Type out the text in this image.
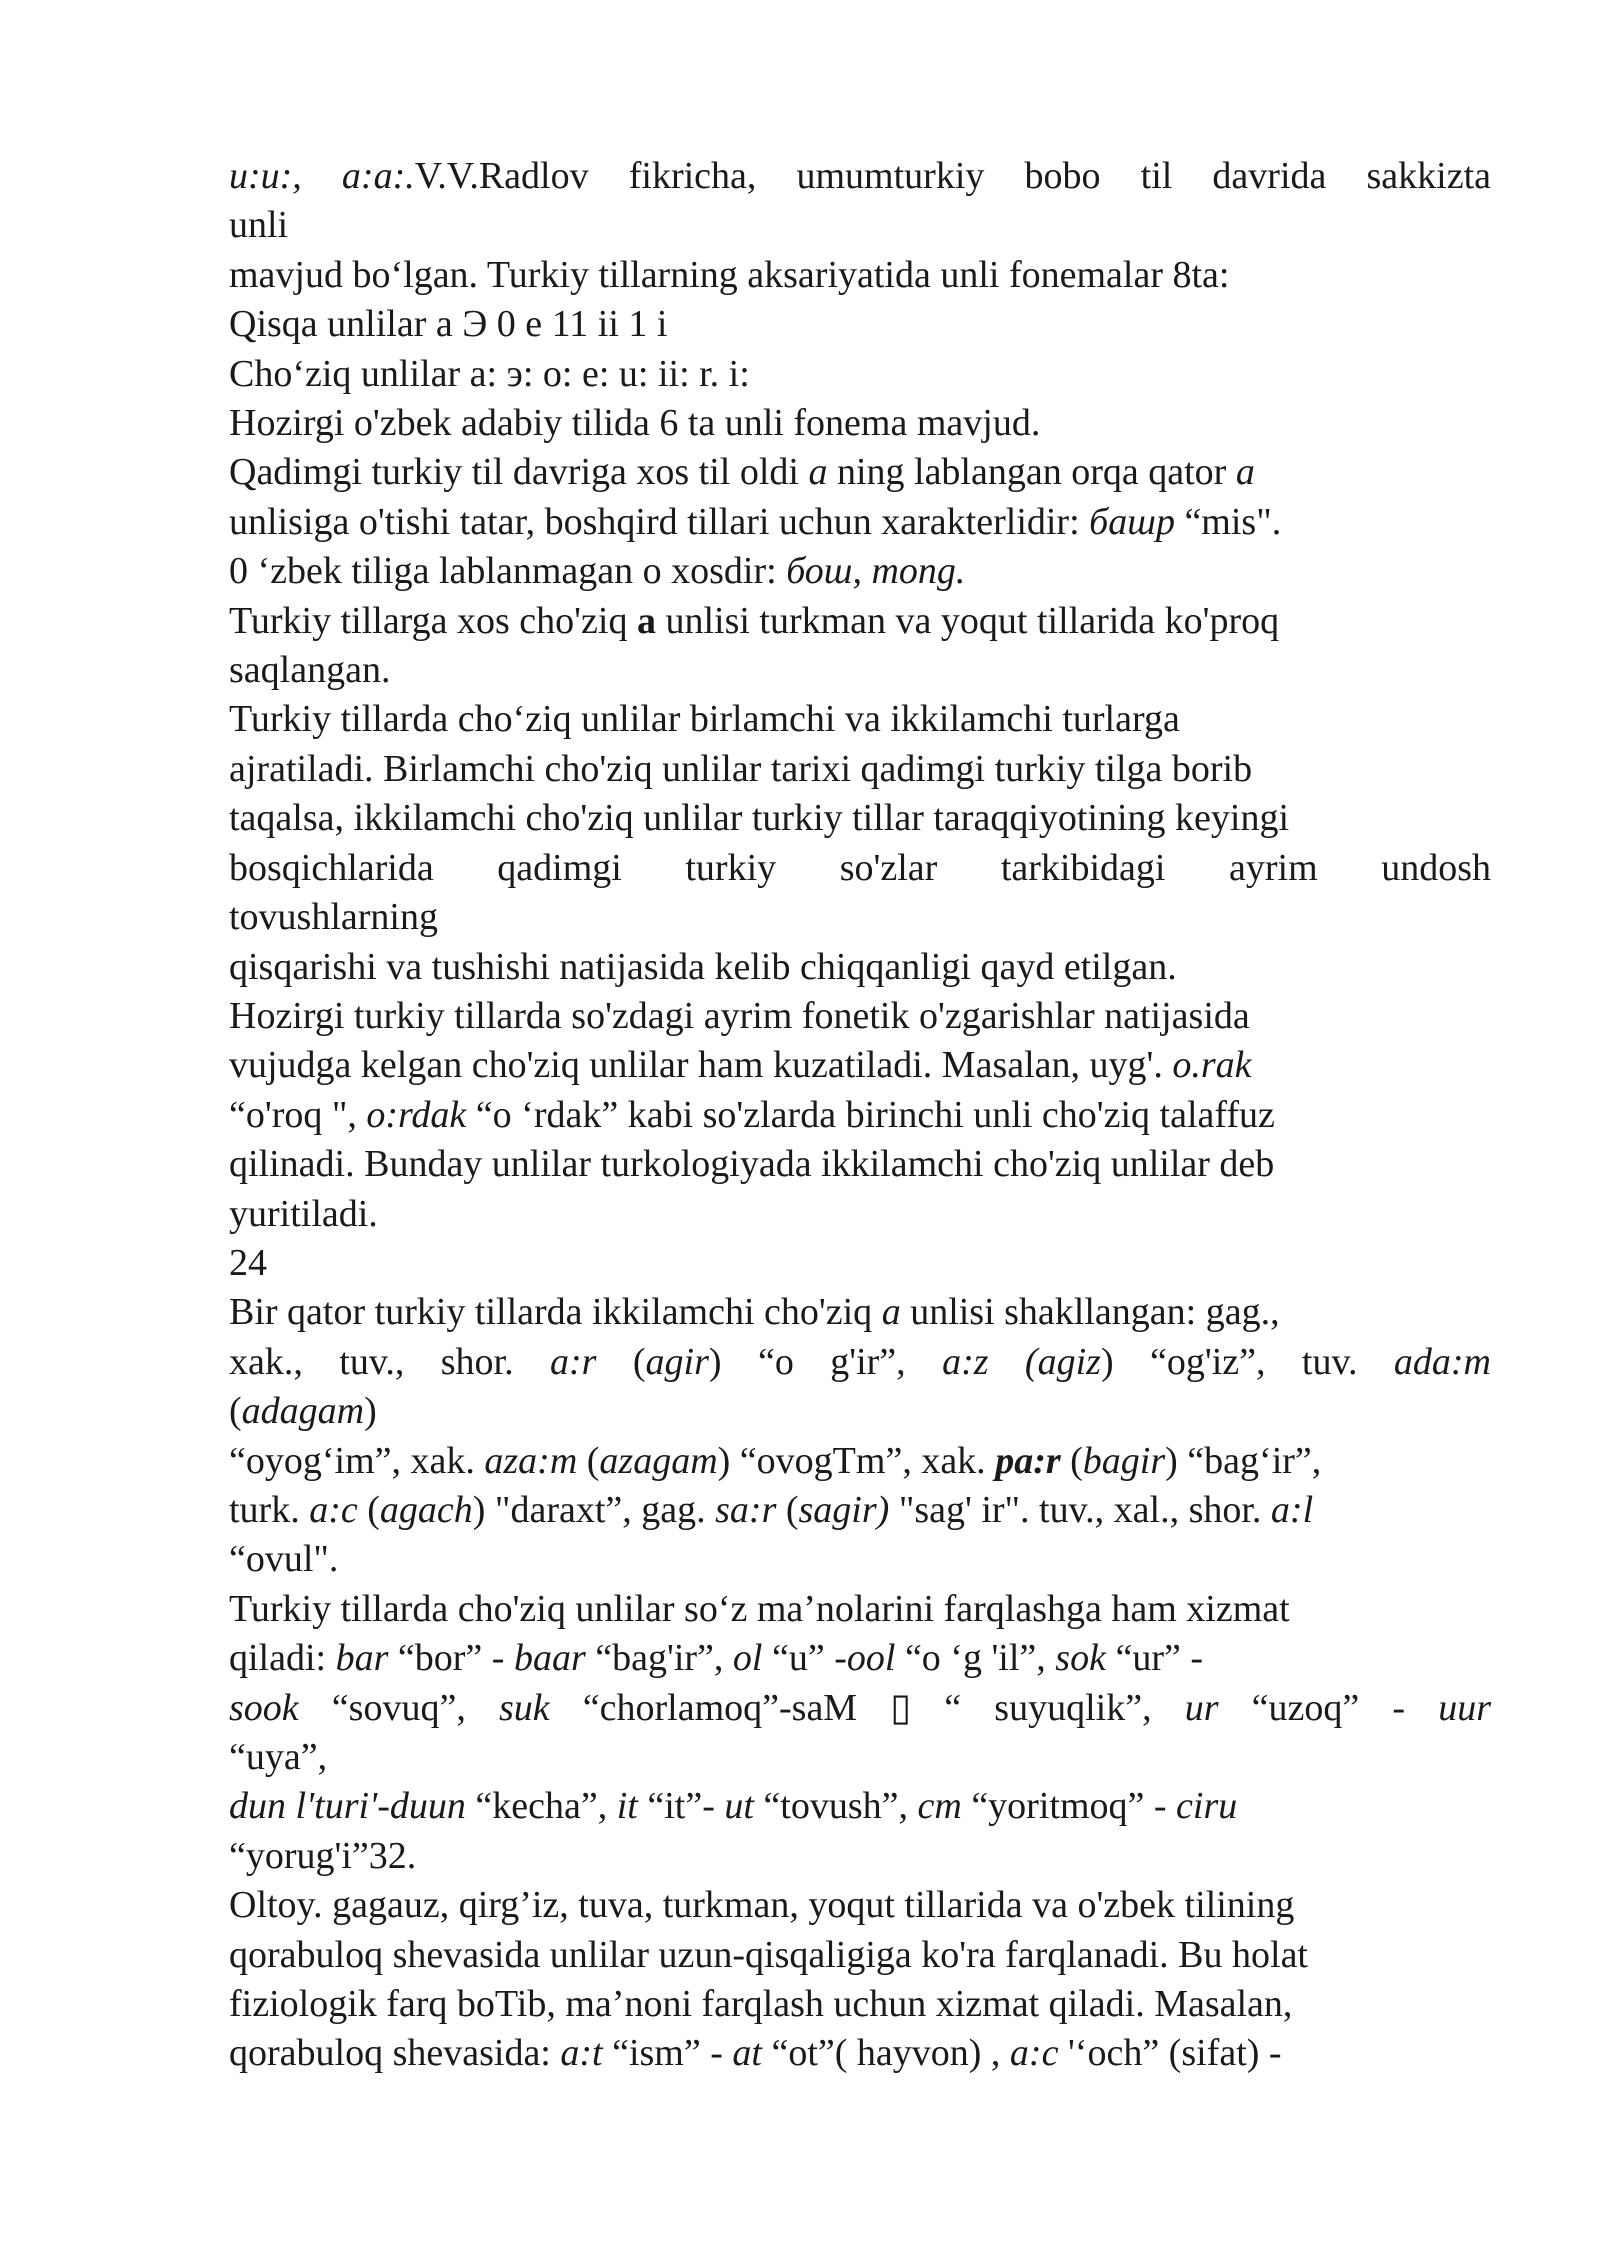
u:u:, a:a:.V.V.Radlov fikricha, umumturkiy bobo til davrida sakkizta
unli
mavjud bo‘lgan. Turkiy tillarning aksariyatida unli fonemalar 8ta:
Qisqa unlilar a Э 0 e 11 ii 1 i
Cho‘ziq unlilar a: э: o: e: u: ii: r. i:
Hozirgi o'zbek adabiy tilida 6 ta unli fonema mavjud.
Qadimgi turkiy til davriga xos til oldi a ning lablangan orqa qator a
unlisiga o'tishi tatar, boshqird tillari uchun xarakterlidir: башр “mis".
0 ‘zbek tiliga lablanmagan o xosdir: бош, mong.
Turkiy tillarga xos cho'ziq a unlisi turkman va yoqut tillarida ko'proq
saqlangan.
Turkiy tillarda cho‘ziq unlilar birlamchi va ikkilamchi turlarga
ajratiladi. Birlamchi cho'ziq unlilar tarixi qadimgi turkiy tilga borib
taqalsa, ikkilamchi cho'ziq unlilar turkiy tillar taraqqiyotining keyingi
bosqichlarida qadimgi turkiy so'zlar tarkibidagi ayrim undosh
tovushlarning
qisqarishi va tushishi natijasida kelib chiqqanligi qayd etilgan.
Hozirgi turkiy tillarda so'zdagi ayrim fonetik o'zgarishlar natijasida
vujudga kelgan cho'ziq unlilar ham kuzatiladi. Masalan, uyg'. o.rak
“o'roq ", o:rdak “o ‘rdak” kabi so'zlarda birinchi unli cho'ziq talaffuz
qilinadi. Bunday unlilar turkologiyada ikkilamchi cho'ziq unlilar deb
yuritiladi.
24
Bir qator turkiy tillarda ikkilamchi cho'ziq a unlisi shakllangan: gag.,
xak., tuv., shor. a:r (agir) “o g'ir”, a:z (agiz) “og'iz”, tuv. ada:m
(adagam)
“oyog‘im”, xak. aza:m (azagam) “ovogTm”, xak. pa:r (bagir) “bag‘ir”,
turk. a:c (agach) "daraxt”, gag. sa:r (sagir) "sag' ir". tuv., xal., shor. a:l
“ovul".
Turkiy tillarda cho'ziq unlilar so‘z ma’nolarini farqlashga ham xizmat
qiladi: bar “bor” - baar “bag'ir”, ol “u” -ool “o ‘g 'il”, sok “ur” -
sook “sovuq”, suk “chorlamoq”-saM ▯ “ suyuqlik”, ur “uzoq” - uur
“uya”,
dun l'turi'-duun “kecha”, it “it”- ut “tovush”, cm “yoritmoq” - ciru
“yorug'i”32.
Oltoy. gagauz, qirg’iz, tuva, turkman, yoqut tillarida va o'zbek tilining
qorabuloq shevasida unlilar uzun-qisqaligiga ko'ra farqlanadi. Bu holat
fiziologik farq boTib, ma’noni farqlash uchun xizmat qiladi. Masalan,
qorabuloq shevasida: a:t “ism” - at “ot”( hayvon) , a:c '‘och” (sifat) -
